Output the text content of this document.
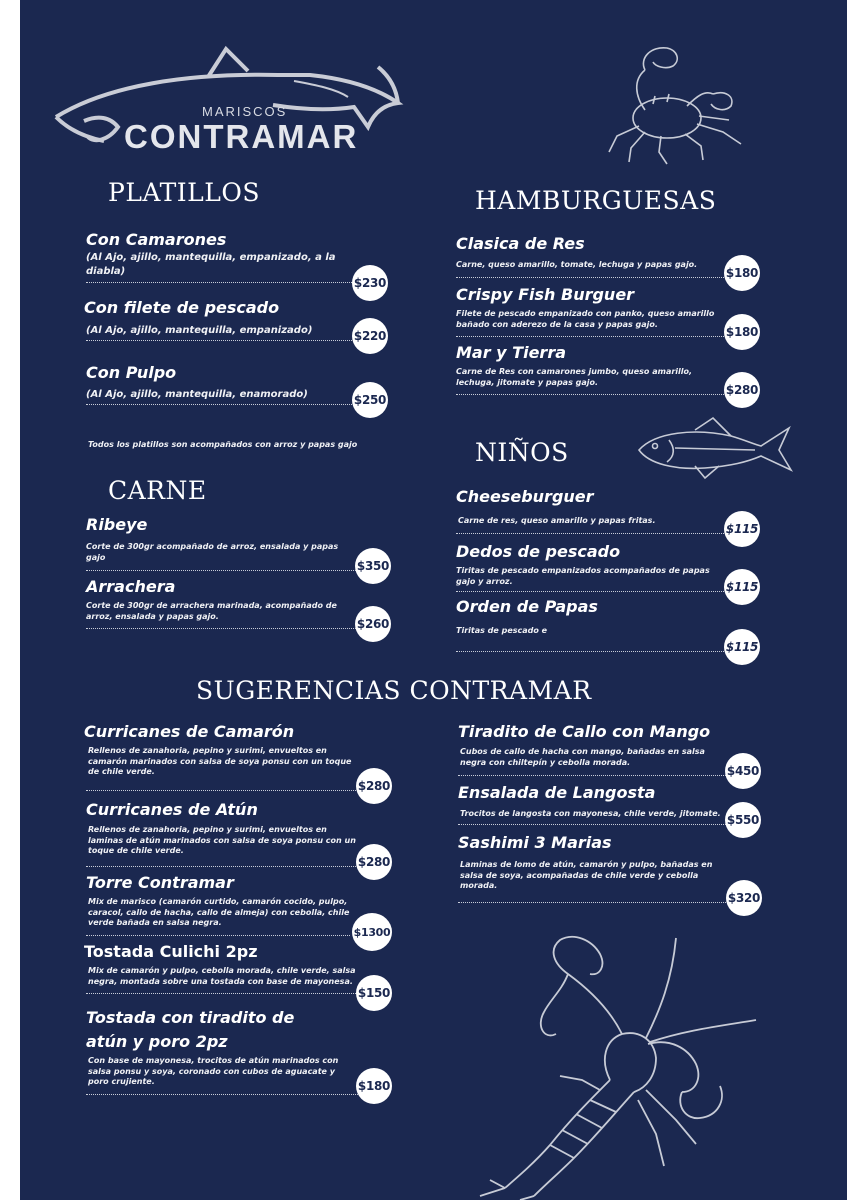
MARISCOS
CONTRAMAR
PLATILLOS
Con Camarones
(Al Ajo, ajillo, mantequilla, empanizado, a la diabla)
$230
Con filete de pescado
(Al Ajo, ajillo, mantequilla, empanizado)	$220
Con Pulpo
(Al Ajo, ajillo, mantequilla, enamorado)	$250
Todos los platillos son acompañados con arroz y papas gajo
CARNE
Ribeye
Corte de 300gr acompañado de arroz, ensalada y papas gajo
$350
Arrachera
Corte de 300gr de arrachera marinada, acompañado de arroz, ensalada y papas gajo.
$260
HAMBURGUESAS
Clasica de Res
Carne, queso amarillo, tomate, lechuga y papas gajo.
$180
Crispy Fish Burguer
Filete de pescado empanizado con panko, queso amarillo bañado con aderezo de la casa y papas gajo.
$180
Mar y Tierra
Carne de Res con camarones jumbo, queso amarillo, lechuga, jitomate y papas gajo.
$280
NIÑOS
Cheeseburguer
Carne de res, queso amarillo y papas fritas.
$115
Dedos de pescado
Tiritas de pescado empanizados acompañados de papas gajo y arroz.	$115
Orden de Papas
Tiritas de pescado e
$115
SUGERENCIAS CONTRAMAR
Curricanes de Camarón
Rellenos de zanahoria, pepino y surimi, envueltos en camarón marinados con salsa de soya ponsu con un toque de chile verde.
$280
Curricanes de Atún
Rellenos de zanahoria, pepino y surimi, envueltos en laminas de atún marinados con salsa de soya ponsu con un toque de chile verde.
$280
Torre Contramar
Mix de marisco (camarón curtido, camarón cocido, pulpo, caracol, callo de hacha, callo de almeja) con cebolla, chile verde bañada en salsa negra.
$1300
Tostada Culichi 2pz
Mix de camarón y pulpo, cebolla morada, chile verde, salsa negra, montada sobre una tostada con base de mayonesa.
$150
Tostada con tiradito de atún y poro 2pz
Con base de mayonesa, trocitos de atún marinados con salsa ponsu y soya, coronado con cubos de aguacate y poro crujiente.	$180
Tiradito de Callo con Mango
Cubos de callo de hacha con mango, bañadas en salsa negra con chiltepín y cebolla morada.
$450
Ensalada de Langosta
Trocitos de langosta con mayonesa, chile verde, jitomate. $550
Sashimi 3 Marias
Laminas de lomo de atún, camarón y pulpo, bañadas en salsa de soya, acompañadas de chile verde y cebolla morada.
$320
